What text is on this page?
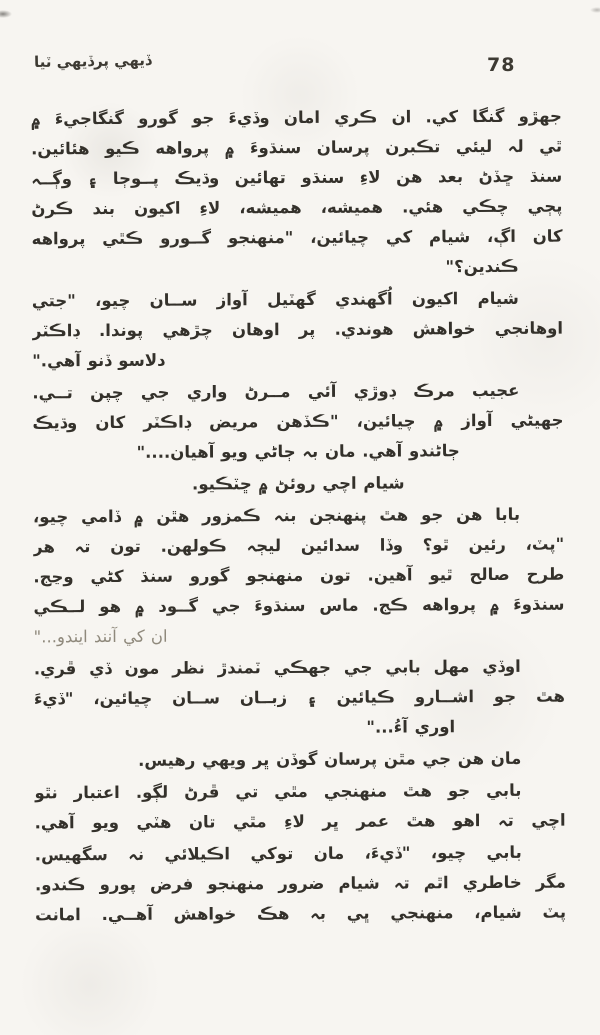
ڏيهي پرڏيهي ٽيا	78
جهڙو گنگا کي. ان ڪري امان وڏيءَ جو گورو گنگاجيءَ ۾
ٿي لہ ليئي تڪبرن پرسان سنڌوءَ ۾ پرواهه ڪيو هئائين.
سنڌ ڇڏڻ بعد هن لاءِ سنڌو تهائين وڌيڪ پــوڄا ۽ وڳــہ
پڄي چڪي هئي. هميشه، هميشه، لاءِ اکيون بند ڪرڻ
کان اڳ، شيام کي چيائين، "منهنجو گــورو ڪٿي پرواهه
ڪندين؟"
شيام اکيون اُگهندي گهٽيل آواز ســان چيو، "جتي
اوهانجي خواهش هوندي. پر اوهان چڙهي پوندا. ڊاڪٽر
دلاسو ڏنو آهي."
عجيب مرڪ ڊوڙي آئي مــرڻ واري جي چپن تــي.
جهيڻي آواز ۾ چيائين، "ڪڏهن مريض ڊاڪٽر کان وڌيڪ
ڄاڻندو آهي. مان بہ ڄاڻي ويو آهيان...."
شيام اچي روئڻ ۾ ڇٽڪيو.
بابا هن جو هٿ پنهنجن بنہ ڪمزور هٿن ۾ ڏامي چيو،
"پٽ، رئين ٿو؟ وڏا سدائين ليڄہ ڪولهن. تون تہ هر
طرح صالح ٿيو آهين. تون منهنجو گورو سنڌ کڻي وڃج.
سنڌوءَ ۾ پرواهه ڪج. ماس سنڌوءَ جي گــود ۾ هو لــڪي
ان کي آنند ايندو..."
اوڏي مهل بابي جي جهڪي ٽمندڙ نظر مون ڏي ڦري.
هٿ جو اشــارو ڪيائين ۽ زبــان ســان چيائين، "ڏيءَ
اوري آءُ..."
مان هن جي مٿن پرسان گوڏن ڀر ويهي رهيس.
بابي جو هٿ منهنجي مٿي تي ڦرڻ لڳو. اعتبار نٿو
اچي تہ اهو هٿ عمر ڀر لاءِ مٿي تان هٽي ويو آهي.
بابي چيو، "ڏيءَ، مان توکي اڪيلائي نہ سگهيس.
مگر خاطري اٿم تہ شيام ضرور منهنجو فرض پورو ڪندو.
پٽ شيام، منهنجي ڀي بہ هڪ خواهش آهــي. امانت
